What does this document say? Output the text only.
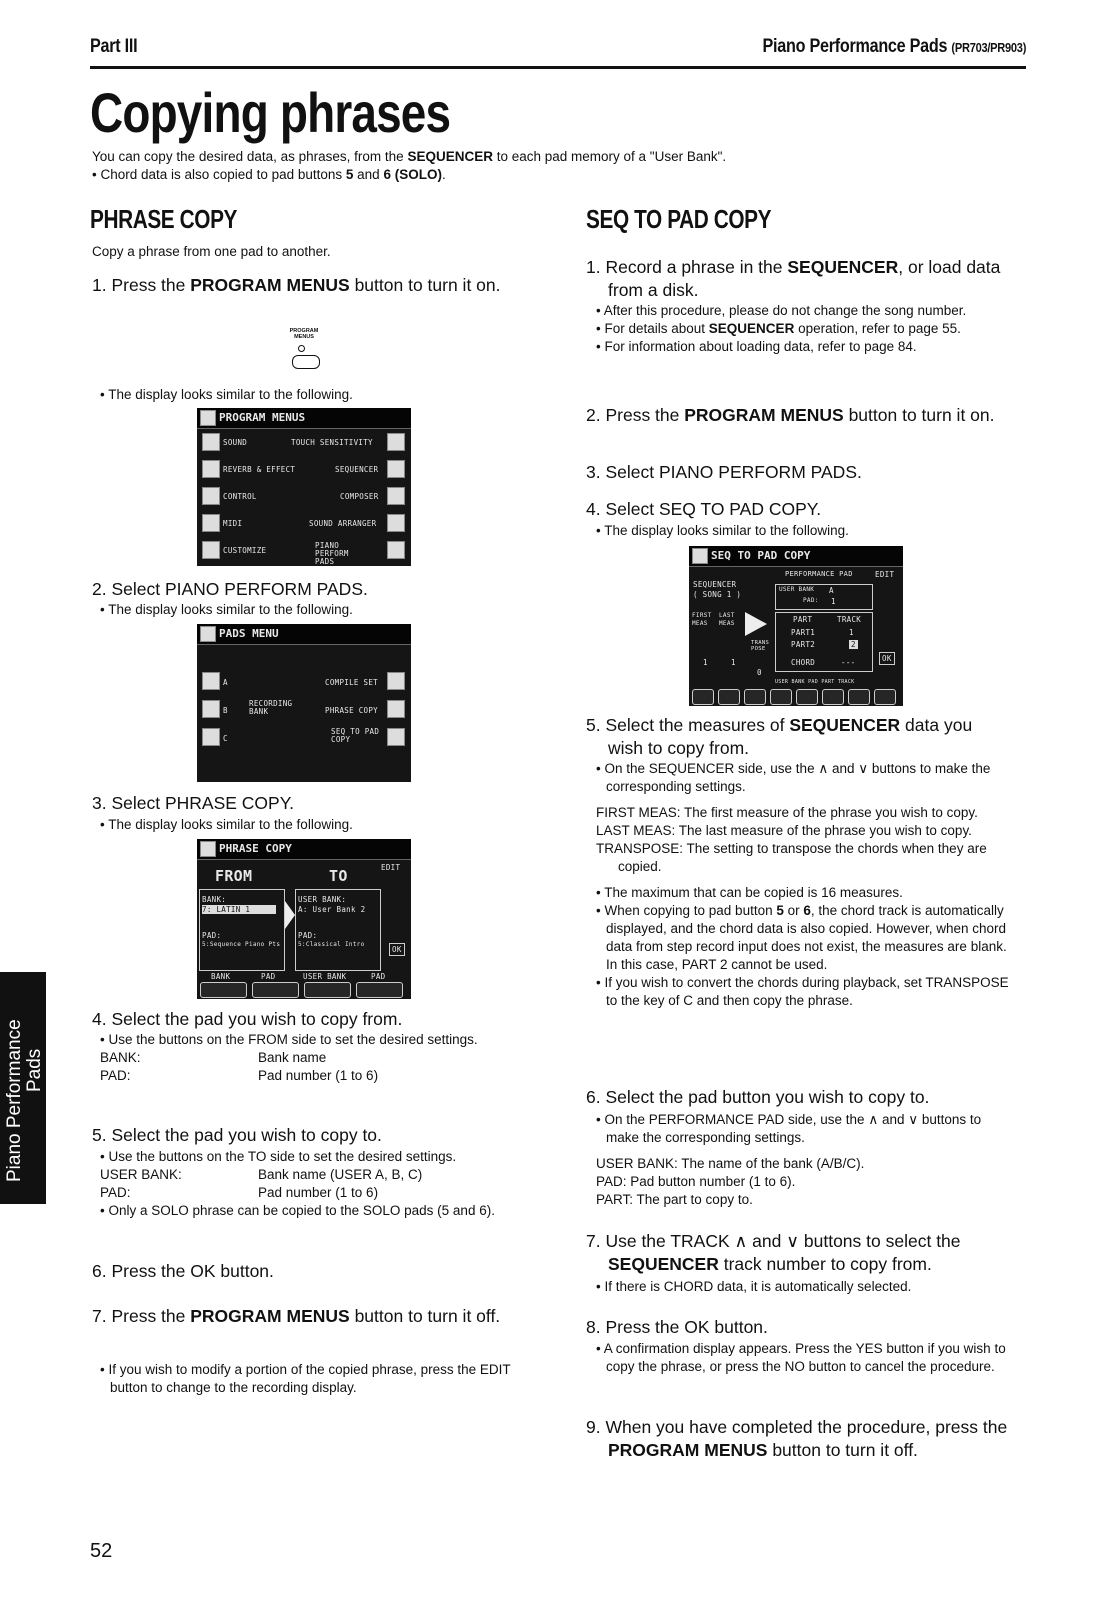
Part III	Piano Performance Pads (PR703/PR903)
Copying phrases
You can copy the desired data, as phrases, from the SEQUENCER to each pad memory of a "User Bank".
• Chord data is also copied to pad buttons 5 and 6 (SOLO).
PHRASE COPY
Copy a phrase from one pad to another.

1. Press the PROGRAM MENUS button to turn it on.

PROGRAM MENUS
• The display looks similar to the following.
PROGRAM MENUS
SOUND	TOUCH SENSITIVITY
REVERB & EFFECT	SEQUENCER
CONTROL	COMPOSER
MIDI	SOUND ARRANGER
CUSTOMIZE
PIANO PERFORM PADS

2. Select PIANO PERFORM PADS.

• The display looks similar to the following.
PADS MENU
A
B
C
RECORDING BANK
COMPILE SET
PHRASE COPY
SEQ TO PAD COPY

3. Select PHRASE COPY.

• The display looks similar to the following.
PHRASE COPY
FROM	TO	EDIT
BANK:
7: LATIN 1
USER BANK:
A: User Bank 2
PAD:
5:Sequence Piano Pts
PAD:
5:Classical Intro
OK
BANK	PAD	USER BANK	PAD

4. Select the pad you wish to copy from.

• Use the buttons on the FROM side to set the desired settings.

BANK:	Bank name
PAD:	Pad number (1 to 6)

5. Select the pad you wish to copy to.

• Use the buttons on the TO side to set the desired settings.

USER BANK:	Bank name (USER A, B, C)
PAD:	Pad number (1 to 6)

• Only a SOLO phrase can be copied to the SOLO pads (5 and 6).

6. Press the OK button.

7. Press the PROGRAM MENUS button to turn it off.

• If you wish to modify a portion of the copied phrase, press the EDIT button to change to the recording display.

SEQ TO PAD COPY

1. Record a phrase in the SEQUENCER, or load data from a disk.

• After this procedure, please do not change the song number.

• For details about SEQUENCER operation, refer to page 55.

• For information about loading data, refer to page 84.

2. Press the PROGRAM MENUS button to turn it on.

3. Select PIANO PERFORM PADS.

4. Select SEQ TO PAD COPY.

• The display looks similar to the following.
SEQ TO PAD COPY
PERFORMANCE PAD	EDIT
SEQUENCER
( SONG 1 )
USER BANK A
PAD: 1
FIRST MEAS
LAST MEAS	PART	TRACK
PART1	1
PART2	2
CHORD	---
TRANS POSE
1	1
0
OK
USER BANK PAD PART TRACK

5. Select the measures of SEQUENCER data you wish to copy from.

• On the SEQUENCER side, use the ∧ and ∨ buttons to make the corresponding settings.

FIRST MEAS: The first measure of the phrase you wish to copy.

LAST MEAS: The last measure of the phrase you wish to copy.

TRANSPOSE: The setting to transpose the chords when they are copied.

• The maximum that can be copied is 16 measures.

• When copying to pad button 5 or 6, the chord track is automatically displayed, and the chord data is also copied. However, when chord data from step record input does not exist, the measures are blank. In this case, PART 2 cannot be used.

• If you wish to convert the chords during playback, set TRANSPOSE to the key of C and then copy the phrase.

6. Select the pad button you wish to copy to.

• On the PERFORMANCE PAD side, use the ∧ and ∨ buttons to make the corresponding settings.

USER BANK: The name of the bank (A/B/C).

PAD: Pad button number (1 to 6).

PART: The part to copy to.

7. Use the TRACK ∧ and ∨ buttons to select the SEQUENCER track number to copy from.

• If there is CHORD data, it is automatically selected.

8. Press the OK button.

• A confirmation display appears. Press the YES button if you wish to copy the phrase, or press the NO button to cancel the procedure.

9. When you have completed the procedure, press the PROGRAM MENUS button to turn it off.

Piano Performance Pads
52
